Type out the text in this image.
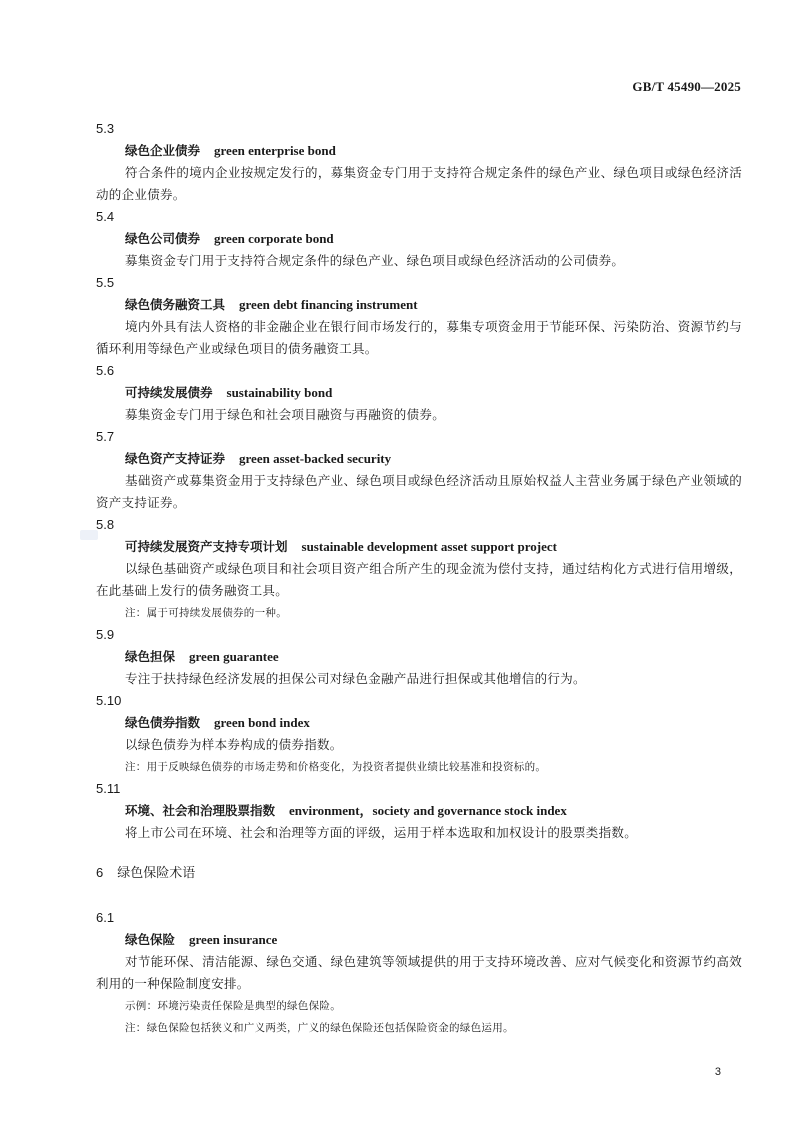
GB/T 45490—2025
5.3
绿色企业债券 green enterprise bond
符合条件的境内企业按规定发行的，募集资金专门用于支持符合规定条件的绿色产业、绿色项目或绿色经济活动的企业债券。
5.4
绿色公司债券 green corporate bond
募集资金专门用于支持符合规定条件的绿色产业、绿色项目或绿色经济活动的公司债券。
5.5
绿色债务融资工具 green debt financing instrument
境内外具有法人资格的非金融企业在银行间市场发行的，募集专项资金用于节能环保、污染防治、资源节约与循环利用等绿色产业或绿色项目的债务融资工具。
5.6
可持续发展债券 sustainability bond
募集资金专门用于绿色和社会项目融资与再融资的债券。
5.7
绿色资产支持证券 green asset-backed security
基础资产或募集资金用于支持绿色产业、绿色项目或绿色经济活动且原始权益人主营业务属于绿色产业领域的资产支持证券。
5.8
可持续发展资产支持专项计划 sustainable development asset support project
以绿色基础资产或绿色项目和社会项目资产组合所产生的现金流为偿付支持，通过结构化方式进行信用增级，在此基础上发行的债务融资工具。
注：属于可持续发展债券的一种。
5.9
绿色担保 green guarantee
专注于扶持绿色经济发展的担保公司对绿色金融产品进行担保或其他增信的行为。
5.10
绿色债券指数 green bond index
以绿色债券为样本券构成的债券指数。
注：用于反映绿色债券的市场走势和价格变化，为投资者提供业绩比较基准和投资标的。
5.11
环境、社会和治理股票指数 environment，society and governance stock index
将上市公司在环境、社会和治理等方面的评级，运用于样本选取和加权设计的股票类指数。
6 绿色保险术语
6.1
绿色保险 green insurance
对节能环保、清洁能源、绿色交通、绿色建筑等领域提供的用于支持环境改善、应对气候变化和资源节约高效利用的一种保险制度安排。
示例：环境污染责任保险是典型的绿色保险。
注：绿色保险包括狭义和广义两类，广义的绿色保险还包括保险资金的绿色运用。
3
